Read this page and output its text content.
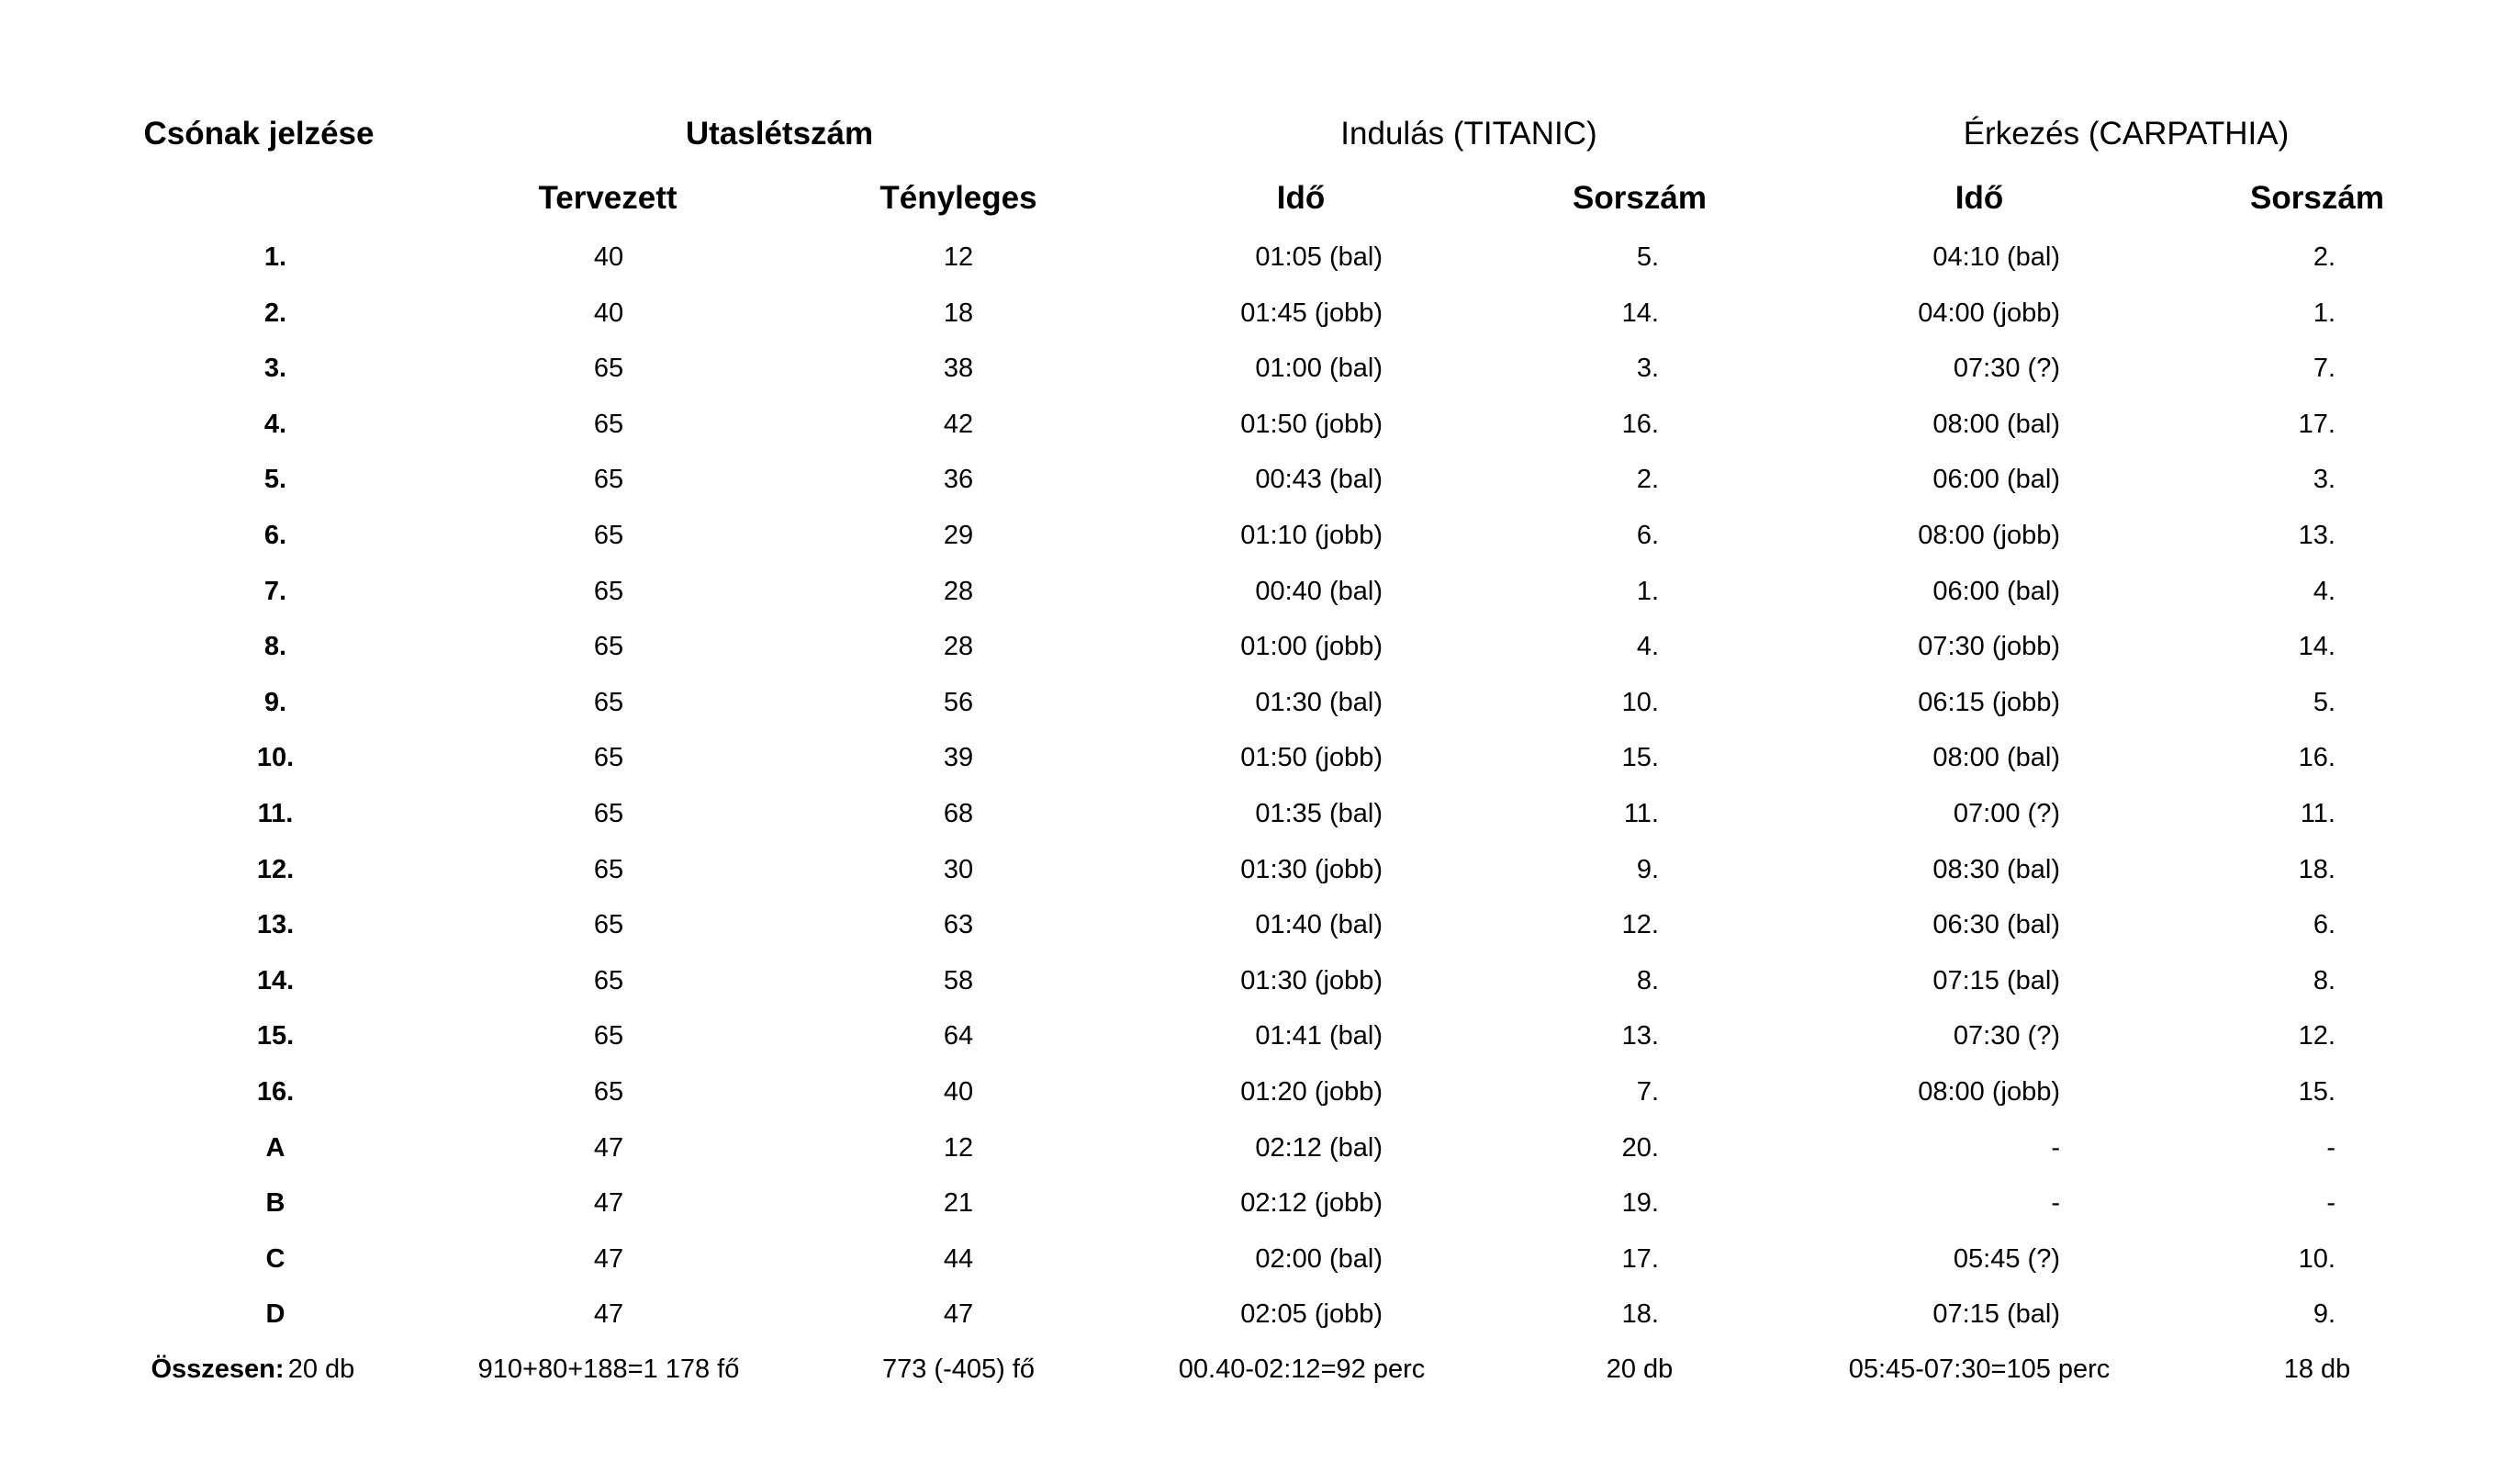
Csónak jelzése	Utaslétszám	Indulás (TITANIC)	Érkezés (CARPATHIA)
Tervezett	Tényleges	Idő	Sorszám	Idő	Sorszám
1.	40	12	01:05 (bal)	5.	04:10 (bal)	2.
2.	40	18	01:45 (jobb)	14.	04:00 (jobb)	1.
3.	65	38	01:00 (bal)	3.	07:30 (?)	7.
4.	65	42	01:50 (jobb)	16.	08:00 (bal)	17.
5.	65	36	00:43 (bal)	2.	06:00 (bal)	3.
6.	65	29	01:10 (jobb)	6.	08:00 (jobb)	13.
7.	65	28	00:40 (bal)	1.	06:00 (bal)	4.
8.	65	28	01:00 (jobb)	4.	07:30 (jobb)	14.
9.	65	56	01:30 (bal)	10.	06:15 (jobb)	5.
10.	65	39	01:50 (jobb)	15.	08:00 (bal)	16.
11.	65	68	01:35 (bal)	11.	07:00 (?)	11.
12.	65	30	01:30 (jobb)	9.	08:30 (bal)	18.
13.	65	63	01:40 (bal)	12.	06:30 (bal)	6.
14.	65	58	01:30 (jobb)	8.	07:15 (bal)	8.
15.	65	64	01:41 (bal)	13.	07:30 (?)	12.
16.	65	40	01:20 (jobb)	7.	08:00 (jobb)	15.
A	47	12	02:12 (bal)	20.	-	-
B	47	21	02:12 (jobb)	19.	-	-
C	47	44	02:00 (bal)	17.	05:45 (?)	10.
D	47	47	02:05 (jobb)	18.	07:15 (bal)	9.
Összesen: 20 db	910+80+188=1 178 fő	773 (-405) fő	00.40-02:12=92 perc	20 db	05:45-07:30=105 perc	18 db
